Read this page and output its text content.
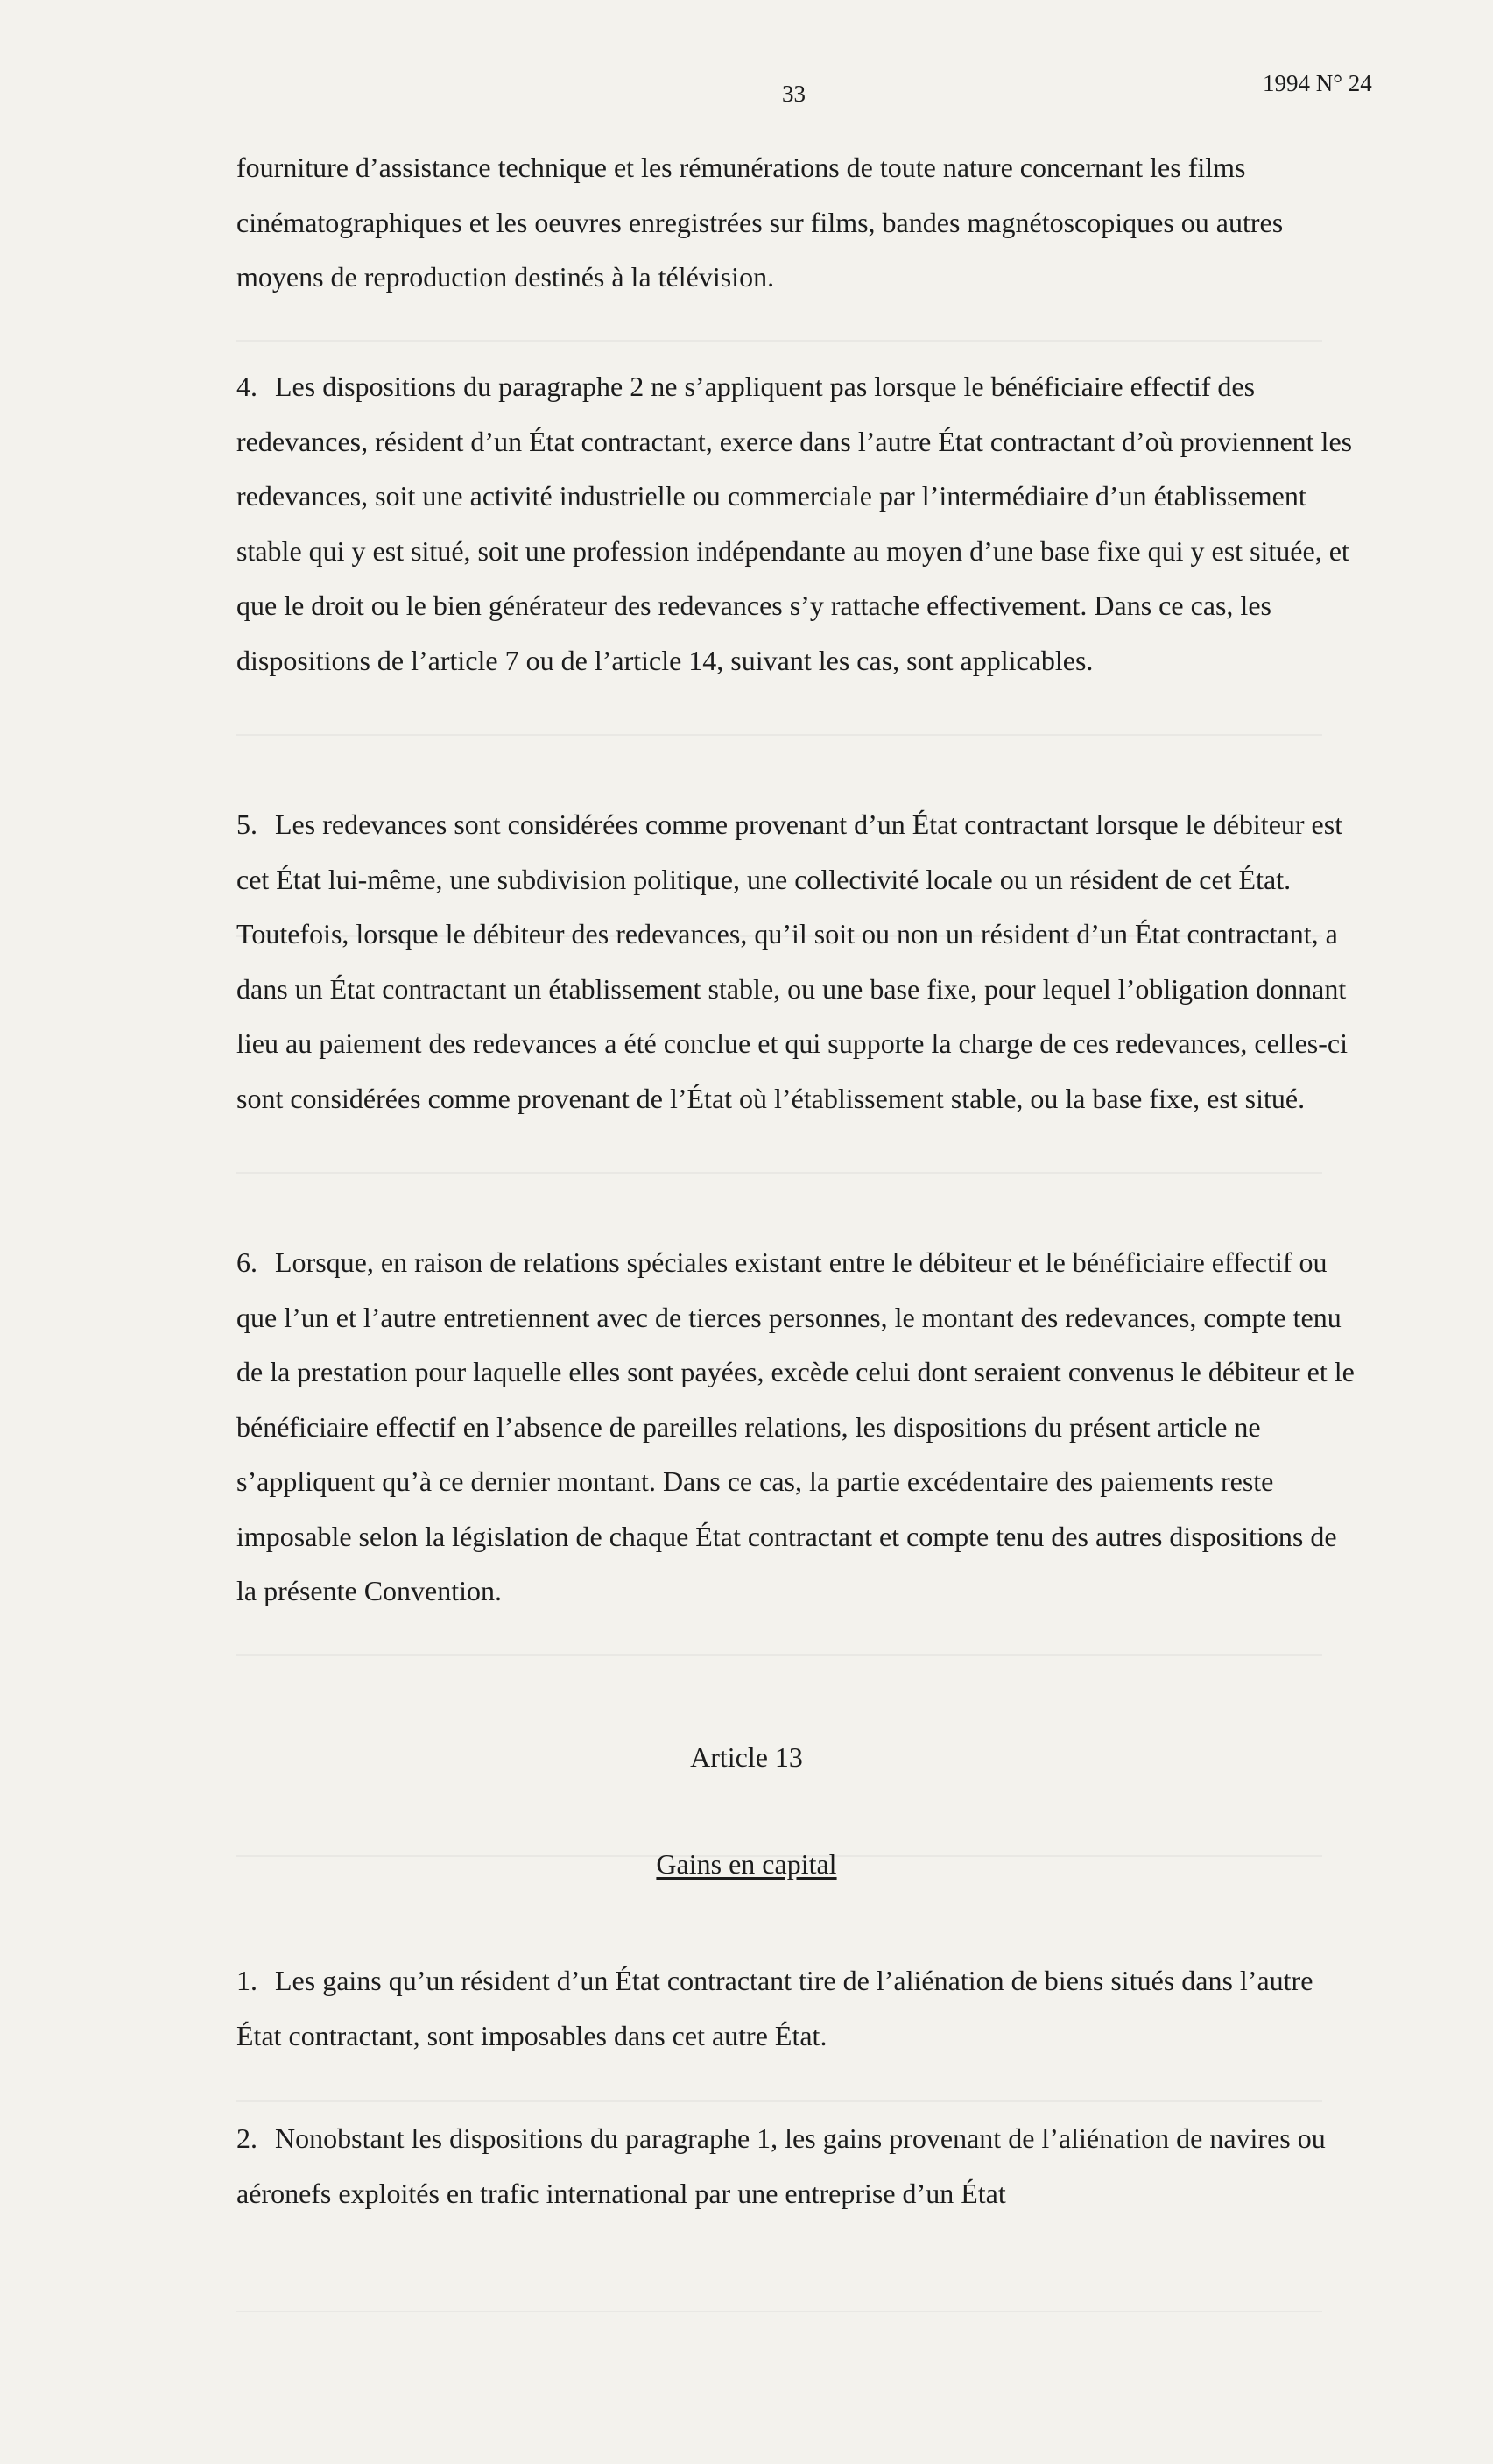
33	1994 N° 24

fourniture d’assistance technique et les rémunérations de toute nature concernant les films cinématographiques et les oeuvres enregistrées sur films, bandes magnétoscopiques ou autres moyens de reproduction destinés à la télévision.

4. Les dispositions du paragraphe 2 ne s’appliquent pas lorsque le bénéficiaire effectif des redevances, résident d’un État contractant, exerce dans l’autre État contractant d’où proviennent les redevances, soit une activité industrielle ou commerciale par l’intermédiaire d’un établissement stable qui y est situé, soit une profession indépendante au moyen d’une base fixe qui y est située, et que le droit ou le bien générateur des redevances s’y rattache effectivement. Dans ce cas, les dispositions de l’article 7 ou de l’article 14, suivant les cas, sont applicables.

5. Les redevances sont considérées comme provenant d’un État contractant lorsque le débiteur est cet État lui-même, une subdivision politique, une collectivité locale ou un résident de cet État. Toutefois, lorsque le débiteur des redevances, qu’il soit ou non un résident d’un État contractant, a dans un État contractant un établissement stable, ou une base fixe, pour lequel l’obligation donnant lieu au paiement des redevances a été conclue et qui supporte la charge de ces redevances, celles-ci sont considérées comme provenant de l’État où l’établissement stable, ou la base fixe, est situé.

6. Lorsque, en raison de relations spéciales existant entre le débiteur et le bénéficiaire effectif ou que l’un et l’autre entretiennent avec de tierces personnes, le montant des redevances, compte tenu de la prestation pour laquelle elles sont payées, excède celui dont seraient convenus le débiteur et le bénéficiaire effectif en l’absence de pareilles relations, les dispositions du présent article ne s’appliquent qu’à ce dernier montant. Dans ce cas, la partie excédentaire des paiements reste imposable selon la législation de chaque État contractant et compte tenu des autres dispositions de la présente Convention.

Article 13
Gains en capital

1. Les gains qu’un résident d’un État contractant tire de l’aliénation de biens situés dans l’autre État contractant, sont imposables dans cet autre État.

2. Nonobstant les dispositions du paragraphe 1, les gains provenant de l’aliénation de navires ou aéronefs exploités en trafic international par une entreprise d’un État
